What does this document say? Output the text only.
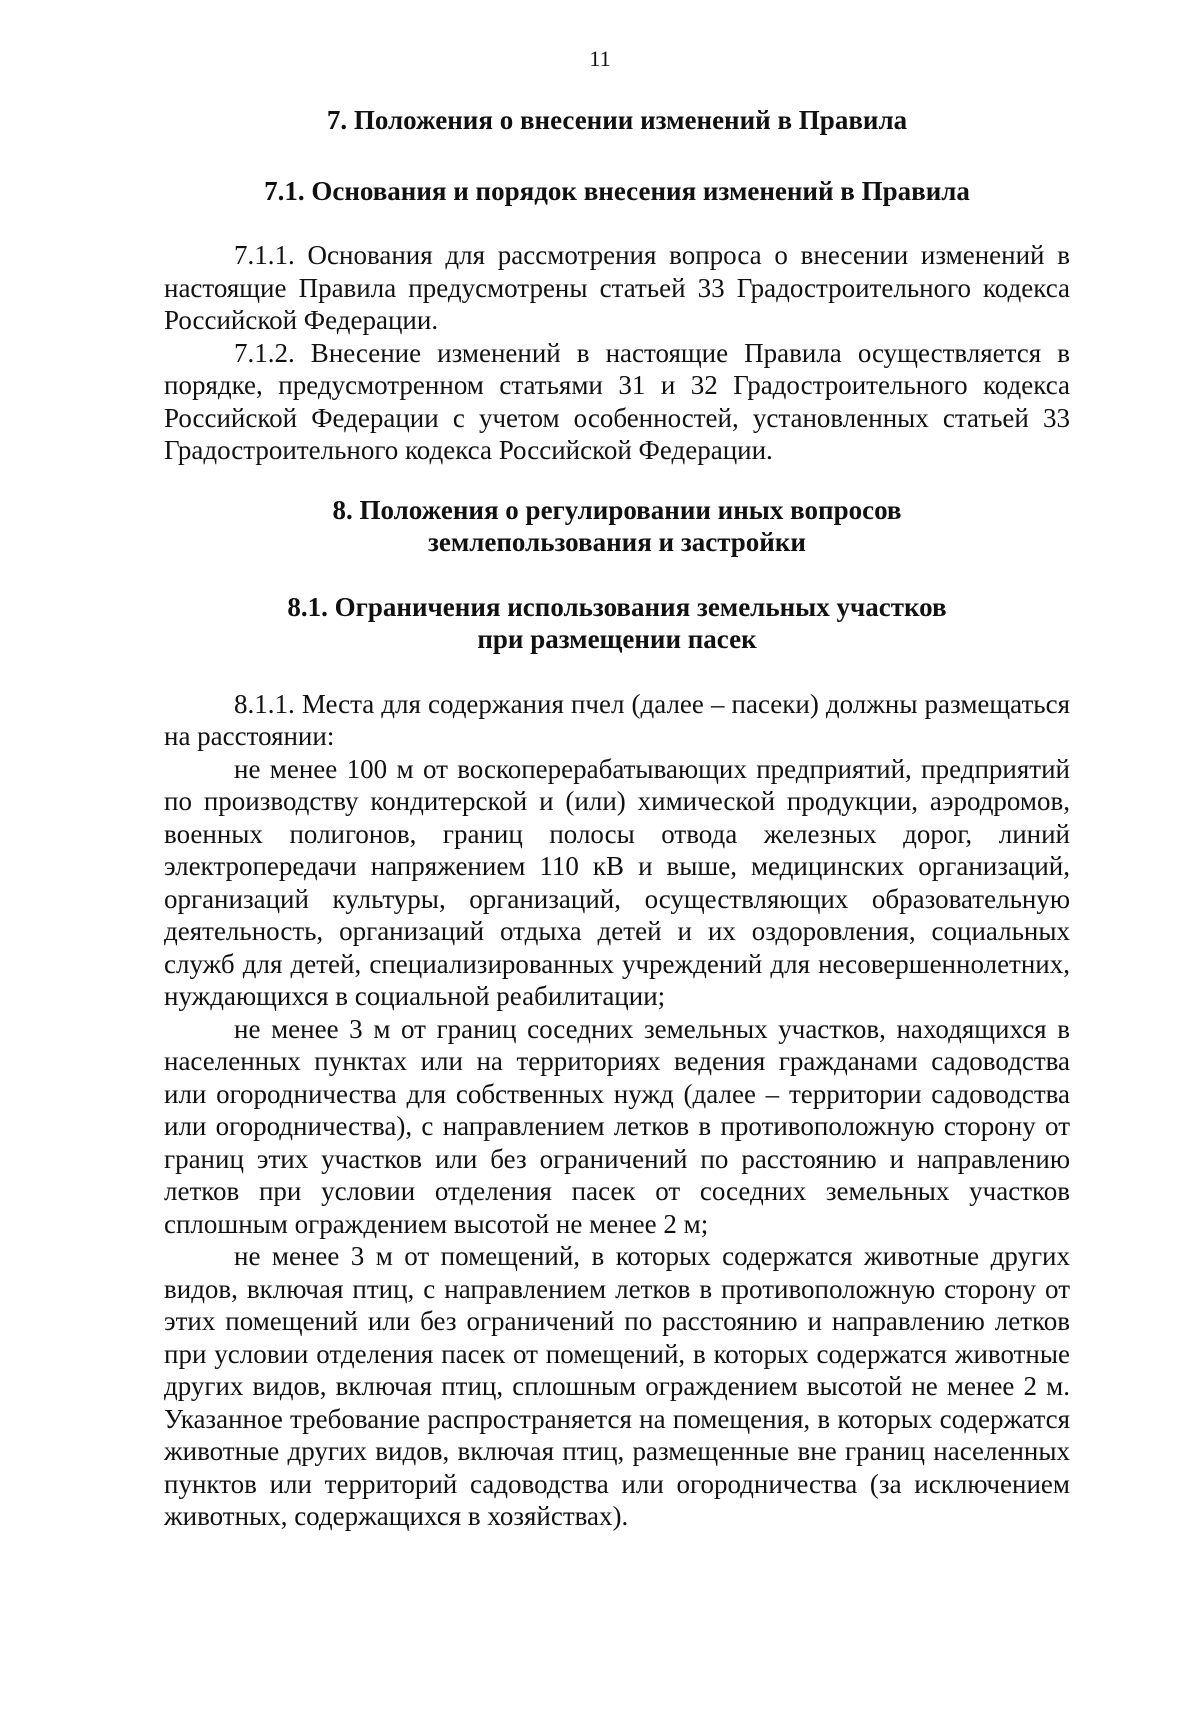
11

7. Положения о внесении изменений в Правила

7.1. Основания и порядок внесения изменений в Правила

7.1.1. Основания для рассмотрения вопроса о внесении изменений в настоящие Правила предусмотрены статьей 33 Градостроительного кодекса Российской Федерации.

7.1.2. Внесение изменений в настоящие Правила осуществляется в порядке, предусмотренном статьями 31 и 32 Градостроительного кодекса Российской Федерации с учетом особенностей, установленных статьей 33 Градостроительного кодекса Российской Федерации.

8. Положения о регулировании иных вопросов
землепользования и застройки
8.1. Ограничения использования земельных участков
при размещении пасек

8.1.1. Места для содержания пчел (далее – пасеки) должны размещаться на расстоянии:

не менее 100 м от воскоперерабатывающих предприятий, предприятий по производству кондитерской и (или) химической продукции, аэродромов, военных полигонов, границ полосы отвода железных дорог, линий электропередачи напряжением 110 кВ и выше, медицинских организаций, организаций культуры, организаций, осуществляющих образовательную деятельность, организаций отдыха детей и их оздоровления, социальных служб для детей, специализированных учреждений для несовершеннолетних, нуждающихся в социальной реабилитации;

не менее 3 м от границ соседних земельных участков, находящихся в населенных пунктах или на территориях ведения гражданами садоводства или огородничества для собственных нужд (далее – территории садоводства или огородничества), с направлением летков в противоположную сторону от границ этих участков или без ограничений по расстоянию и направлению летков при условии отделения пасек от соседних земельных участков сплошным ограждением высотой не менее 2 м;

не менее 3 м от помещений, в которых содержатся животные других видов, включая птиц, с направлением летков в противоположную сторону от этих помещений или без ограничений по расстоянию и направлению летков при условии отделения пасек от помещений, в которых содержатся животные других видов, включая птиц, сплошным ограждением высотой не менее 2 м. Указанное требование распространяется на помещения, в которых содержатся животные других видов, включая птиц, размещенные вне границ населенных пунктов или территорий садоводства или огородничества (за исключением животных, содержащихся в хозяйствах).
